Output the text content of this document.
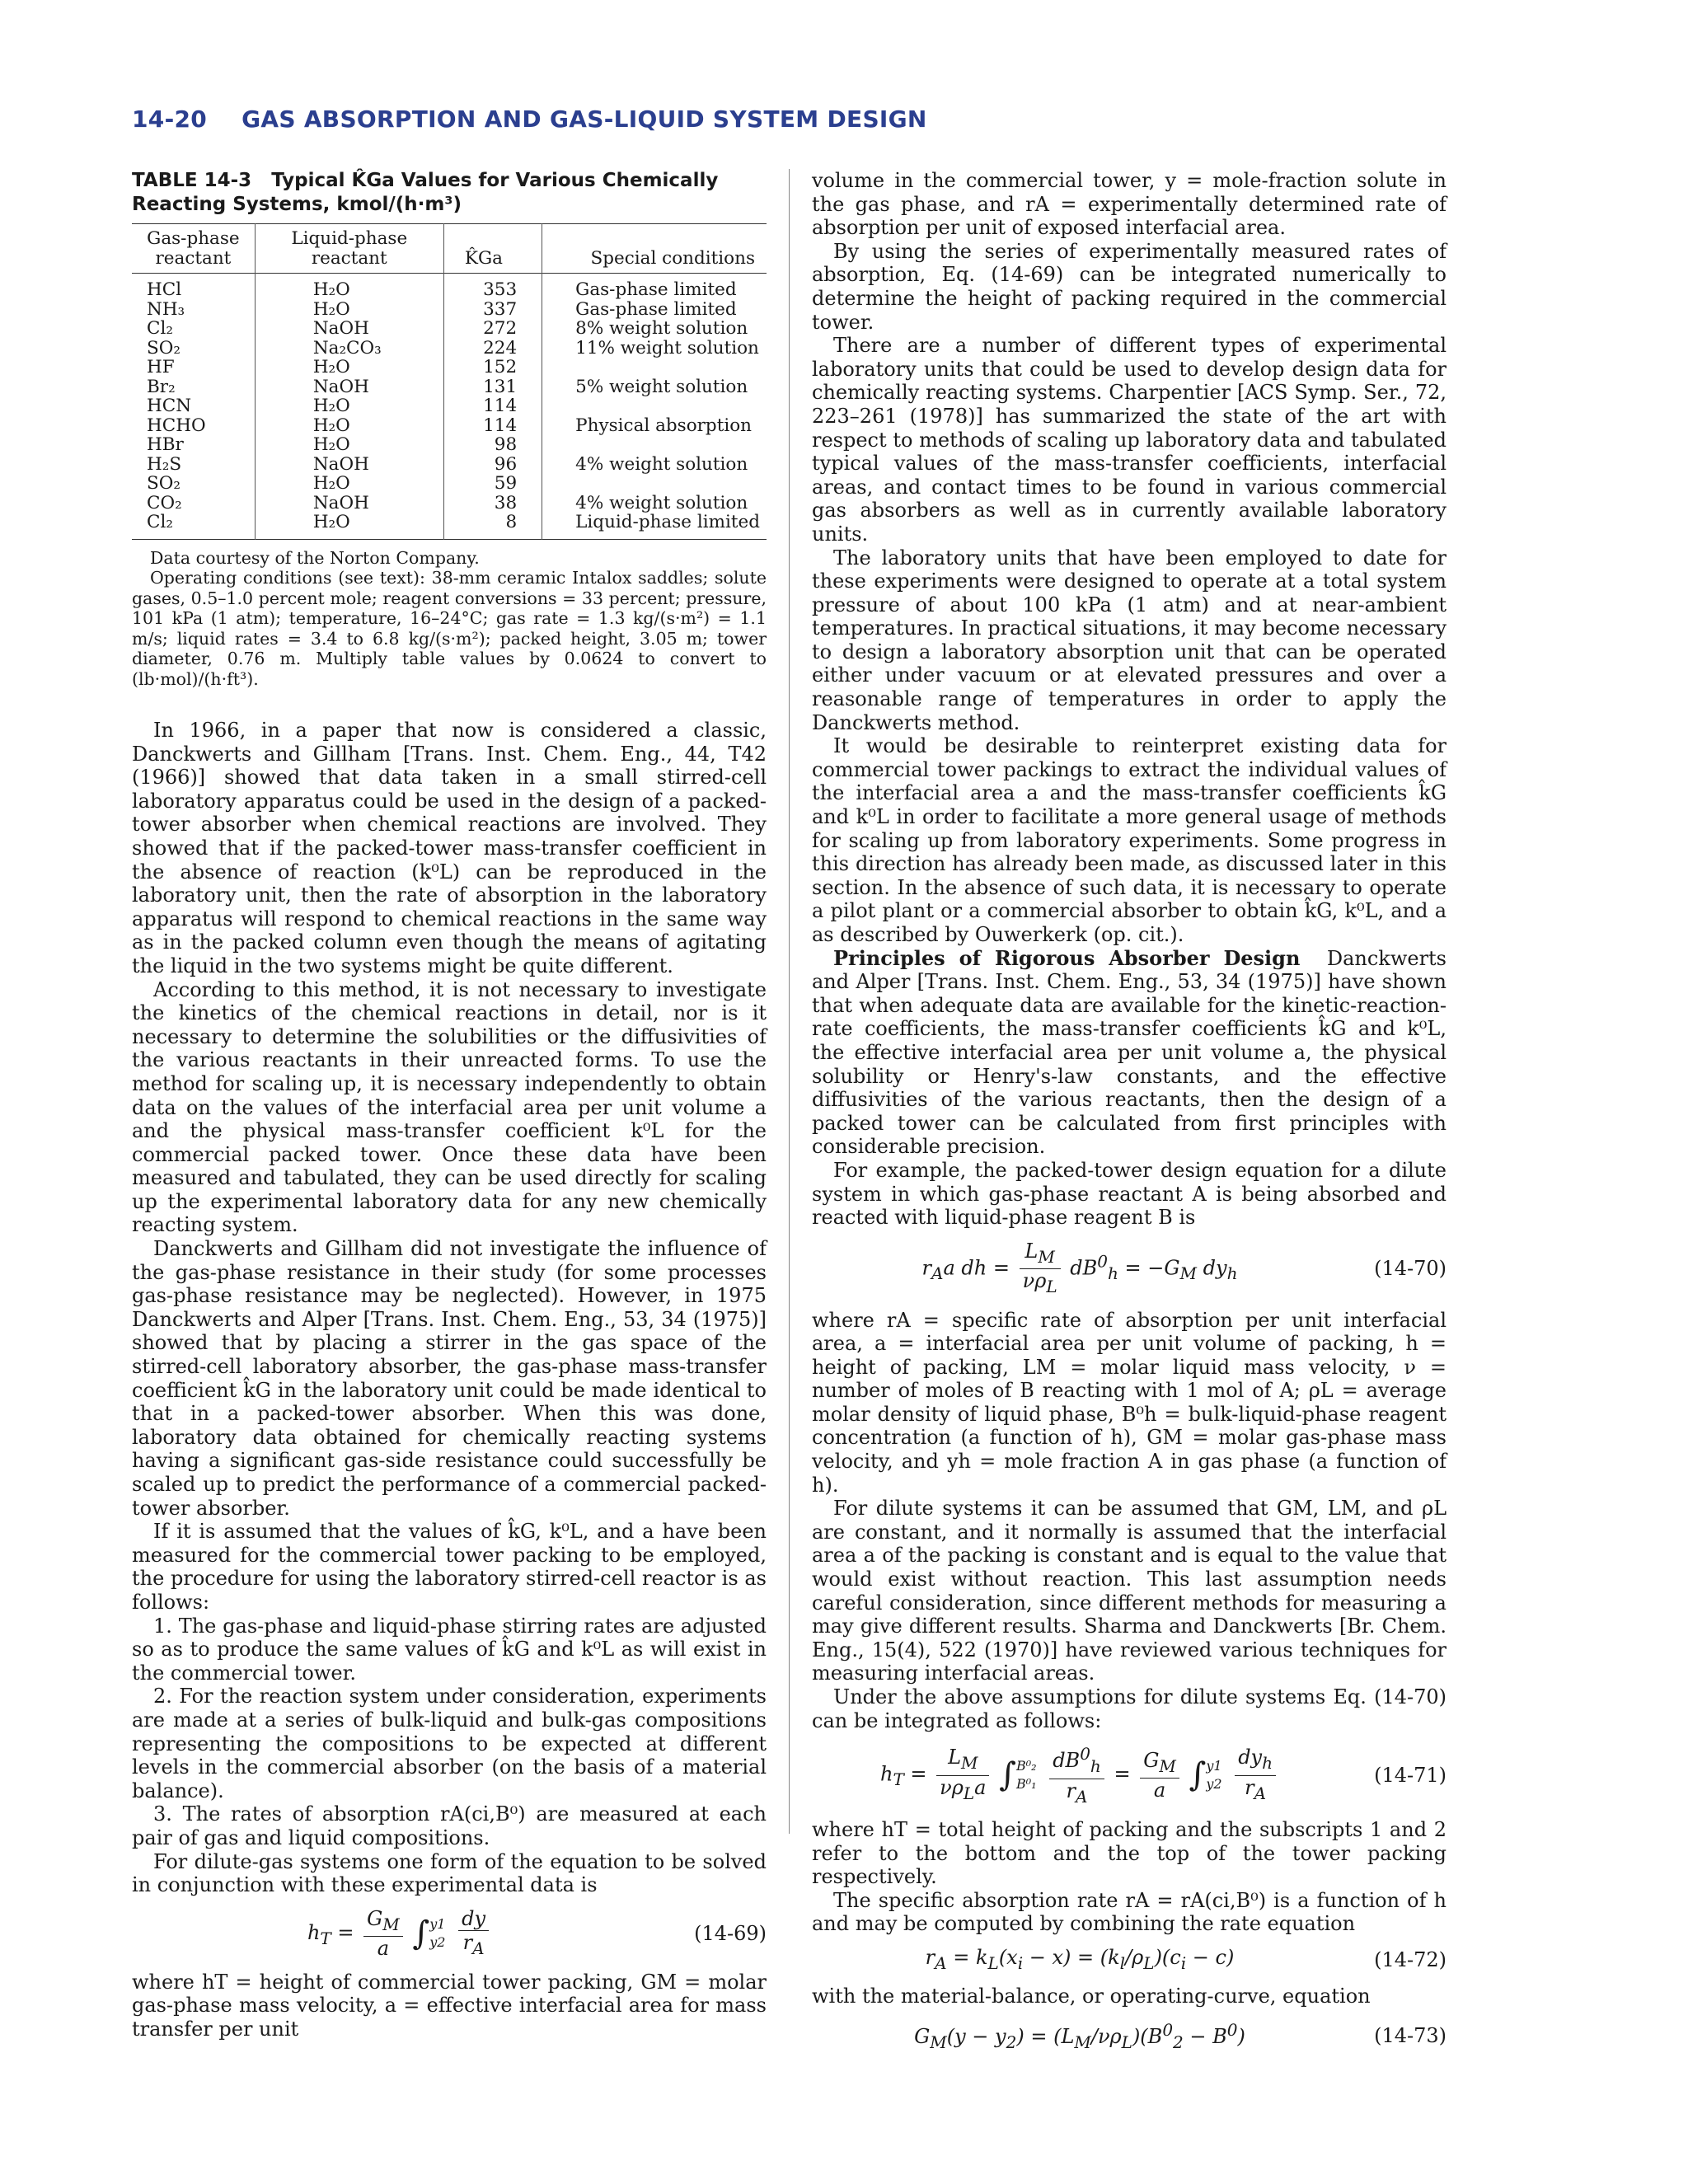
14-20 GAS ABSORPTION AND GAS-LIQUID SYSTEM DESIGN
TABLE 14-3 Typical K̂Ga Values for Various Chemically Reacting Systems, kmol/(h·m³)
Gas-phase reactant	Liquid-phase reactant	K̂Ga	Special conditions
HCl	H₂O	353	Gas-phase limited
NH₃	H₂O	337	Gas-phase limited
Cl₂	NaOH	272	8% weight solution
SO₂	Na₂CO₃	224	11% weight solution
HF	H₂O	152	
Br₂	NaOH	131	5% weight solution
HCN	H₂O	114	
HCHO	H₂O	114	Physical absorption
HBr	H₂O	98	
H₂S	NaOH	96	4% weight solution
SO₂	H₂O	59	
CO₂	NaOH	38	4% weight solution
Cl₂	H₂O	8	Liquid-phase limited

Data courtesy of the Norton Company.

Operating conditions (see text): 38-mm ceramic Intalox saddles; solute gases, 0.5–1.0 percent mole; reagent conversions = 33 percent; pressure, 101 kPa (1 atm); temperature, 16–24°C; gas rate = 1.3 kg/(s·m²) = 1.1 m/s; liquid rates = 3.4 to 6.8 kg/(s·m²); packed height, 3.05 m; tower diameter, 0.76 m. Multiply table values by 0.0624 to convert to (lb·mol)/(h·ft³).

In 1966, in a paper that now is considered a classic, Danckwerts and Gillham [Trans. Inst. Chem. Eng., 44, T42 (1966)] showed that data taken in a small stirred-cell laboratory apparatus could be used in the design of a packed-tower absorber when chemical reactions are involved. They showed that if the packed-tower mass-transfer coefficient in the absence of reaction (k⁰L) can be reproduced in the laboratory unit, then the rate of absorption in the laboratory apparatus will respond to chemical reactions in the same way as in the packed column even though the means of agitating the liquid in the two systems might be quite different.

According to this method, it is not necessary to investigate the kinetics of the chemical reactions in detail, nor is it necessary to determine the solubilities or the diffusivities of the various reactants in their unreacted forms. To use the method for scaling up, it is necessary independently to obtain data on the values of the interfacial area per unit volume a and the physical mass-transfer coefficient k⁰L for the commercial packed tower. Once these data have been measured and tabulated, they can be used directly for scaling up the experimental laboratory data for any new chemically reacting system.

Danckwerts and Gillham did not investigate the influence of the gas-phase resistance in their study (for some processes gas-phase resistance may be neglected). However, in 1975 Danckwerts and Alper [Trans. Inst. Chem. Eng., 53, 34 (1975)] showed that by placing a stirrer in the gas space of the stirred-cell laboratory absorber, the gas-phase mass-transfer coefficient k̂G in the laboratory unit could be made identical to that in a packed-tower absorber. When this was done, laboratory data obtained for chemically reacting systems having a significant gas-side resistance could successfully be scaled up to predict the performance of a commercial packed-tower absorber.

If it is assumed that the values of k̂G, k⁰L, and a have been measured for the commercial tower packing to be employed, the procedure for using the laboratory stirred-cell reactor is as follows:

1. The gas-phase and liquid-phase stirring rates are adjusted so as to produce the same values of k̂G and k⁰L as will exist in the commercial tower.

2. For the reaction system under consideration, experiments are made at a series of bulk-liquid and bulk-gas compositions representing the compositions to be expected at different levels in the commercial absorber (on the basis of a material balance).

3. The rates of absorption rA(ci,B⁰) are measured at each pair of gas and liquid compositions.

For dilute-gas systems one form of the equation to be solved in conjunction with these experimental data is

$h_T = \frac{G_M}{a}$ ∫ y1
y2
$\frac{dy}{r_A}$	(14-69)

where hT = height of commercial tower packing, GM = molar gas-phase mass velocity, a = effective interfacial area for mass transfer per unit

volume in the commercial tower, y = mole-fraction solute in the gas phase, and rA = experimentally determined rate of absorption per unit of exposed interfacial area.

By using the series of experimentally measured rates of absorption, Eq. (14-69) can be integrated numerically to determine the height of packing required in the commercial tower.

There are a number of different types of experimental laboratory units that could be used to develop design data for chemically reacting systems. Charpentier [ACS Symp. Ser., 72, 223–261 (1978)] has summarized the state of the art with respect to methods of scaling up laboratory data and tabulated typical values of the mass-transfer coefficients, interfacial areas, and contact times to be found in various commercial gas absorbers as well as in currently available laboratory units.

The laboratory units that have been employed to date for these experiments were designed to operate at a total system pressure of about 100 kPa (1 atm) and at near-ambient temperatures. In practical situations, it may become necessary to design a laboratory absorption unit that can be operated either under vacuum or at elevated pressures and over a reasonable range of temperatures in order to apply the Danckwerts method.

It would be desirable to reinterpret existing data for commercial tower packings to extract the individual values of the interfacial area a and the mass-transfer coefficients k̂G and k⁰L in order to facilitate a more general usage of methods for scaling up from laboratory experiments. Some progress in this direction has already been made, as discussed later in this section. In the absence of such data, it is necessary to operate a pilot plant or a commercial absorber to obtain k̂G, k⁰L, and a as described by Ouwerkerk (op. cit.).

Principles of Rigorous Absorber Design Danckwerts and Alper [Trans. Inst. Chem. Eng., 53, 34 (1975)] have shown that when adequate data are available for the kinetic-reaction-rate coefficients, the mass-transfer coefficients k̂G and k⁰L, the effective interfacial area per unit volume a, the physical solubility or Henry's-law constants, and the effective diffusivities of the various reactants, then the design of a packed tower can be calculated from first principles with considerable precision.

For example, the packed-tower design equation for a dilute system in which gas-phase reactant A is being absorbed and reacted with liquid-phase reagent B is

$r_Aa$ dh = $\frac{L_M}{\nu\rho_L} dB^0_h = -G_M$ $dy_h$	(14-70)

where rA = specific rate of absorption per unit interfacial area, a = interfacial area per unit volume of packing, h = height of packing, LM = molar liquid mass velocity, ν = number of moles of B reacting with 1 mol of A; ρL = average molar density of liquid phase, B⁰h = bulk-liquid-phase reagent concentration (a function of h), GM = molar gas-phase mass velocity, and yh = mole fraction A in gas phase (a function of h).

For dilute systems it can be assumed that GM, LM, and ρL are constant, and it normally is assumed that the interfacial area a of the packing is constant and is equal to the value that would exist without reaction. This last assumption needs careful consideration, since different methods for measuring a may give different results. Sharma and Danckwerts [Br. Chem. Eng., 15(4), 522 (1970)] have reviewed various techniques for measuring interfacial areas.

Under the above assumptions for dilute systems Eq. (14-70) can be integrated as follows:

$h_T = \frac{L_M}{\nu\rho_La}$ ∫ B⁰₂
B⁰₁
$\frac{dB^0_h}{r_A} = \frac{G_M}{a}$ ∫ y1
y2
$\frac{dy_h}{r_A}$	(14-71)

where hT = total height of packing and the subscripts 1 and 2 refer to the bottom and the top of the tower packing respectively.

The specific absorption rate rA = rA(ci,B⁰) is a function of h and may be computed by combining the rate equation

$r_A = k_L(x_i - x) = (k_l/\rho_L)(c_i - c)$	(14-72)

with the material-balance, or operating-curve, equation

$G_M(y - y_2) = (L_M/\nu\rho_L)(B^0_2 - B^0)$	(14-73)
